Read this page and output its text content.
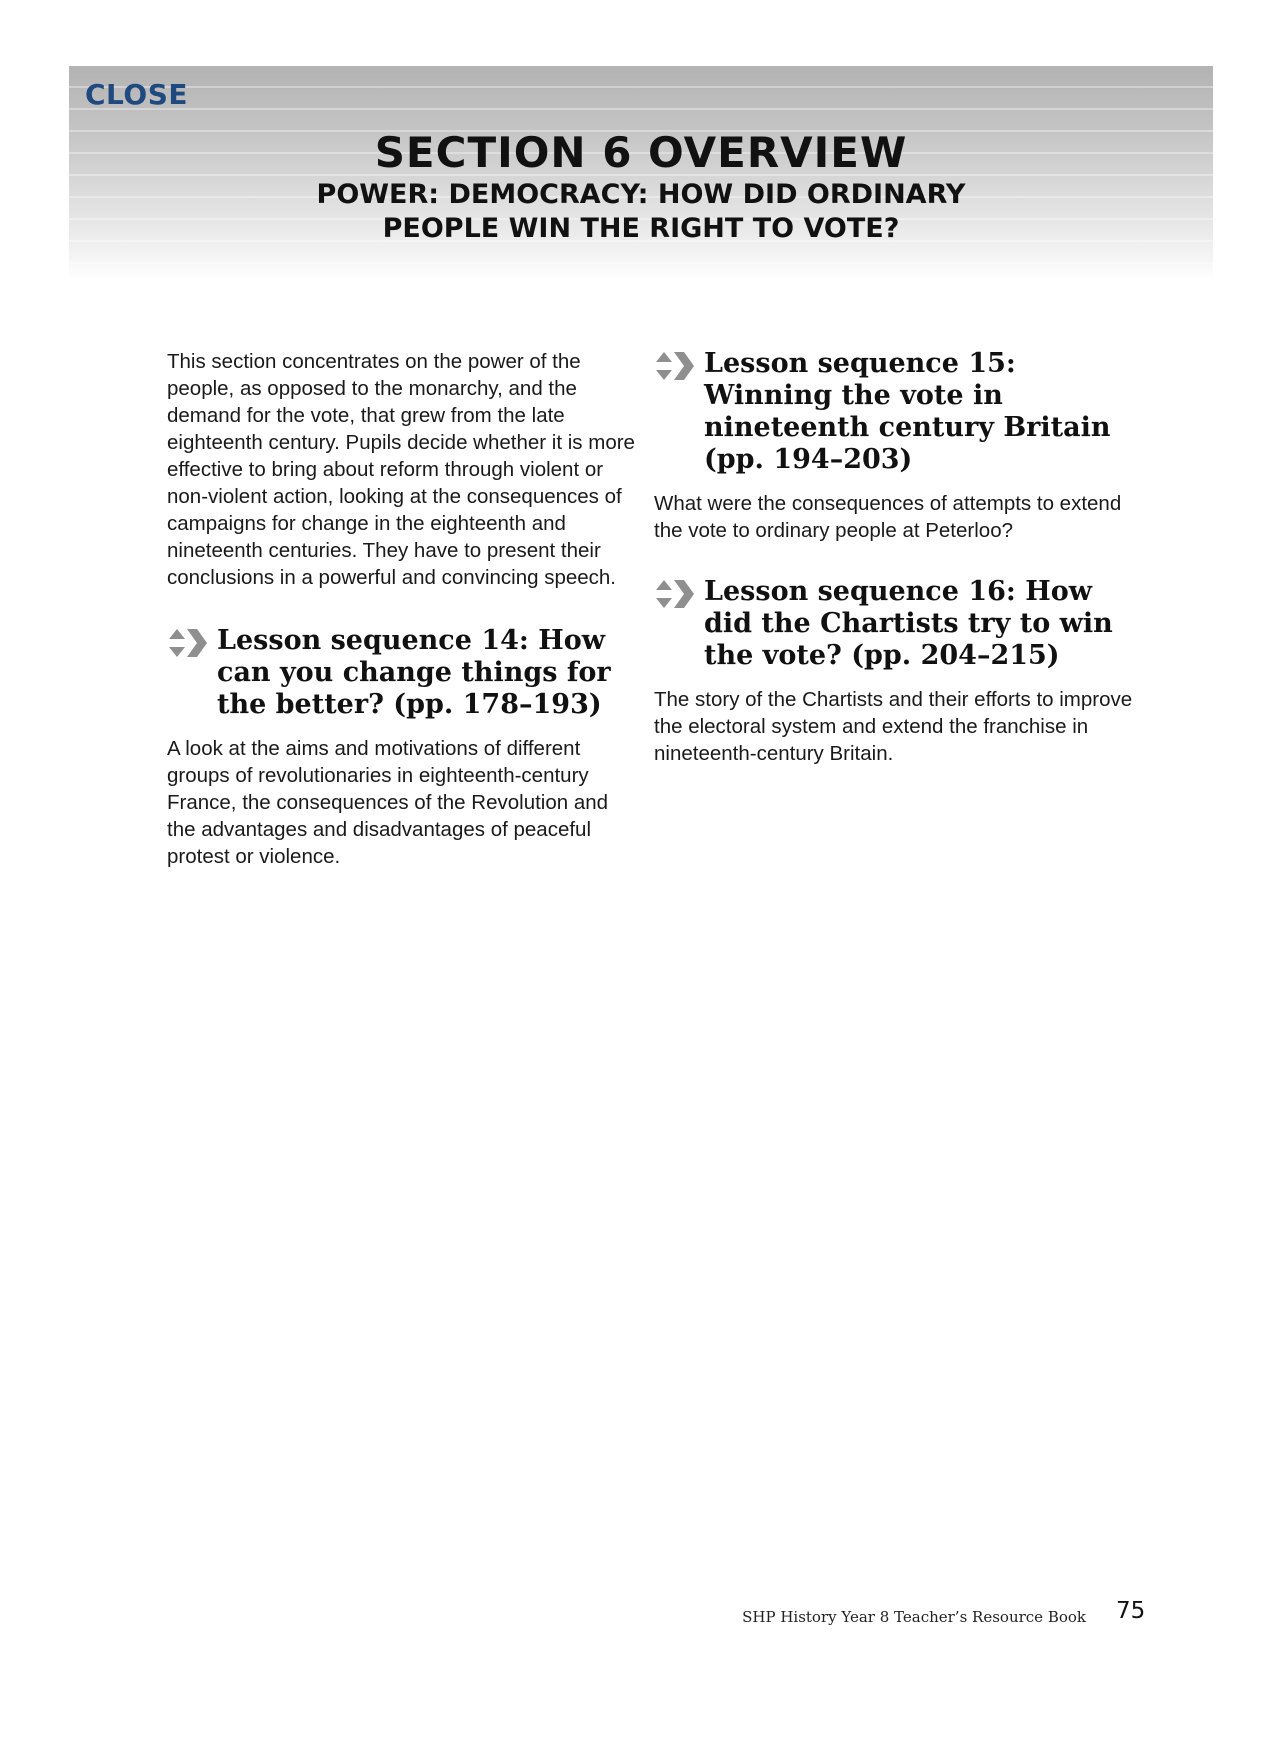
CLOSE
SECTION 6 OVERVIEW
POWER: DEMOCRACY: HOW DID ORDINARY
PEOPLE WIN THE RIGHT TO VOTE?

This section concentrates on the power of the people, as opposed to the monarchy, and the demand for the vote, that grew from the late eighteenth century. Pupils decide whether it is more effective to bring about reform through violent or non-violent action, looking at the consequences of campaigns for change in the eighteenth and nineteenth centuries. They have to present their conclusions in a powerful and convincing speech.

Lesson sequence 14: How can you change things for the better? (pp. 178–193)

A look at the aims and motivations of different groups of revolutionaries in eighteenth-century France, the consequences of the Revolution and the advantages and disadvantages of peaceful protest or violence.

Lesson sequence 15: Winning the vote in nineteenth century Britain (pp. 194–203)

What were the consequences of attempts to extend the vote to ordinary people at Peterloo?

Lesson sequence 16: How did the Chartists try to win the vote? (pp. 204–215)

The story of the Chartists and their efforts to improve the electoral system and extend the franchise in nineteenth-century Britain.

SHP History Year 8 Teacher’s Resource Book 75
